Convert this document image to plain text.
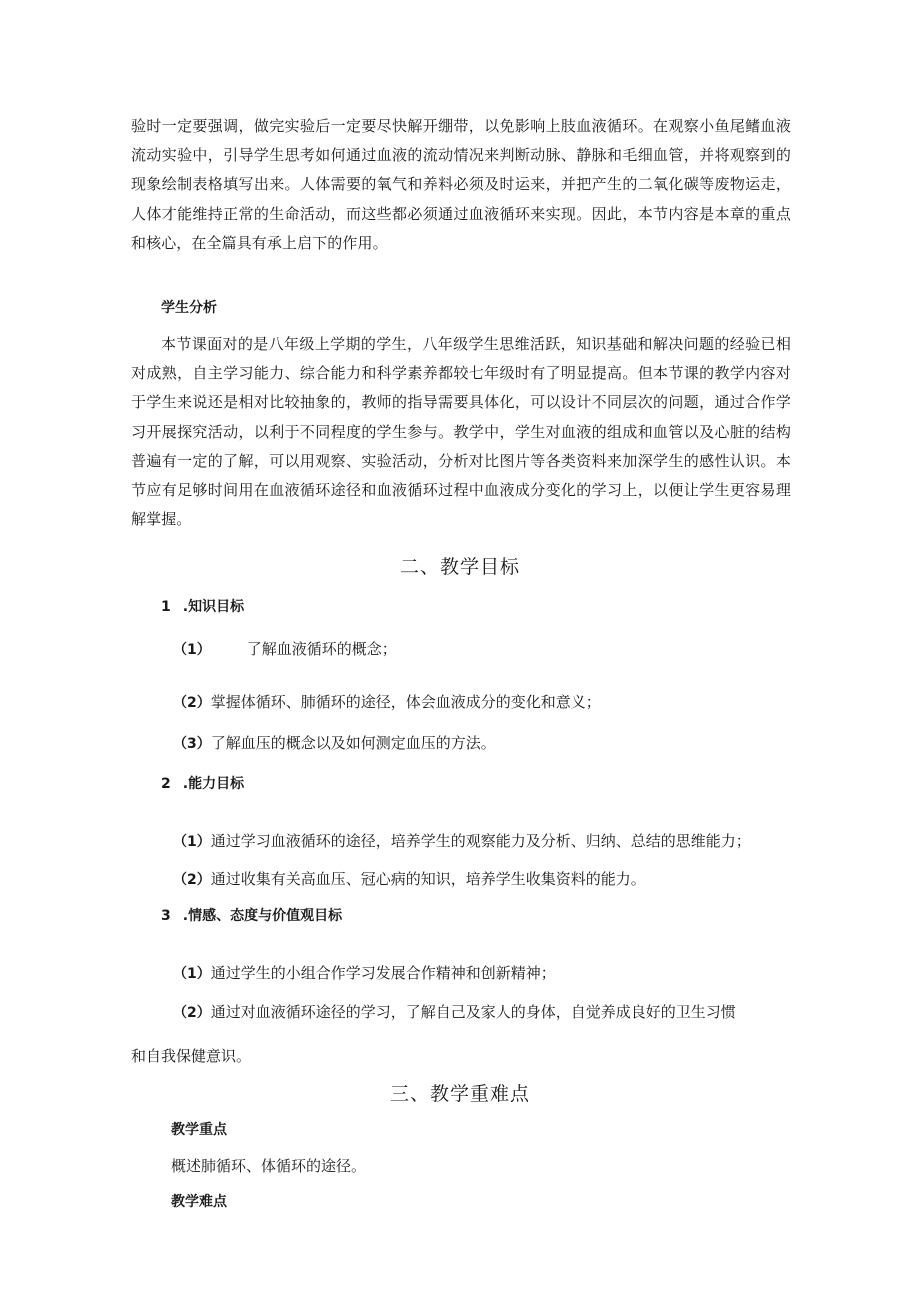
验时一定要强调，做完实验后一定要尽快解开绷带，以免影响上肢血液循环。在观察小鱼尾鳍血液流动实验中，引导学生思考如何通过血液的流动情况来判断动脉、静脉和毛细血管，并将观察到的现象绘制表格填写出来。人体需要的氧气和养料必须及时运来，并把产生的二氧化碳等废物运走，人体才能维持正常的生命活动，而这些都必须通过血液循环来实现。因此，本节内容是本章的重点和核心，在全篇具有承上启下的作用。
学生分析
本节课面对的是八年级上学期的学生，八年级学生思维活跃，知识基础和解决问题的经验已相对成熟，自主学习能力、综合能力和科学素养都较七年级时有了明显提高。但本节课的教学内容对于学生来说还是相对比较抽象的，教师的指导需要具体化，可以设计不同层次的问题，通过合作学习开展探究活动，以利于不同程度的学生参与。教学中，学生对血液的组成和血管以及心脏的结构普遍有一定的了解，可以用观察、实验活动，分析对比图片等各类资料来加深学生的感性认识。本节应有足够时间用在血液循环途径和血液循环过程中血液成分变化的学习上，以便让学生更容易理解掌握。
二、教学目标
1 .知识目标
（1） 了解血液循环的概念；
（2）掌握体循环、肺循环的途径，体会血液成分的变化和意义；
（3）了解血压的概念以及如何测定血压的方法。
2 .能力目标
（1）通过学习血液循环的途径，培养学生的观察能力及分析、归纳、总结的思维能力；
（2）通过收集有关高血压、冠心病的知识，培养学生收集资料的能力。
3 .情感、态度与价值观目标
（1）通过学生的小组合作学习发展合作精神和创新精神；
（2）通过对血液循环途径的学习，了解自己及家人的身体，自觉养成良好的卫生习惯
和自我保健意识。
三、教学重难点
教学重点
概述肺循环、体循环的途径。
教学难点
